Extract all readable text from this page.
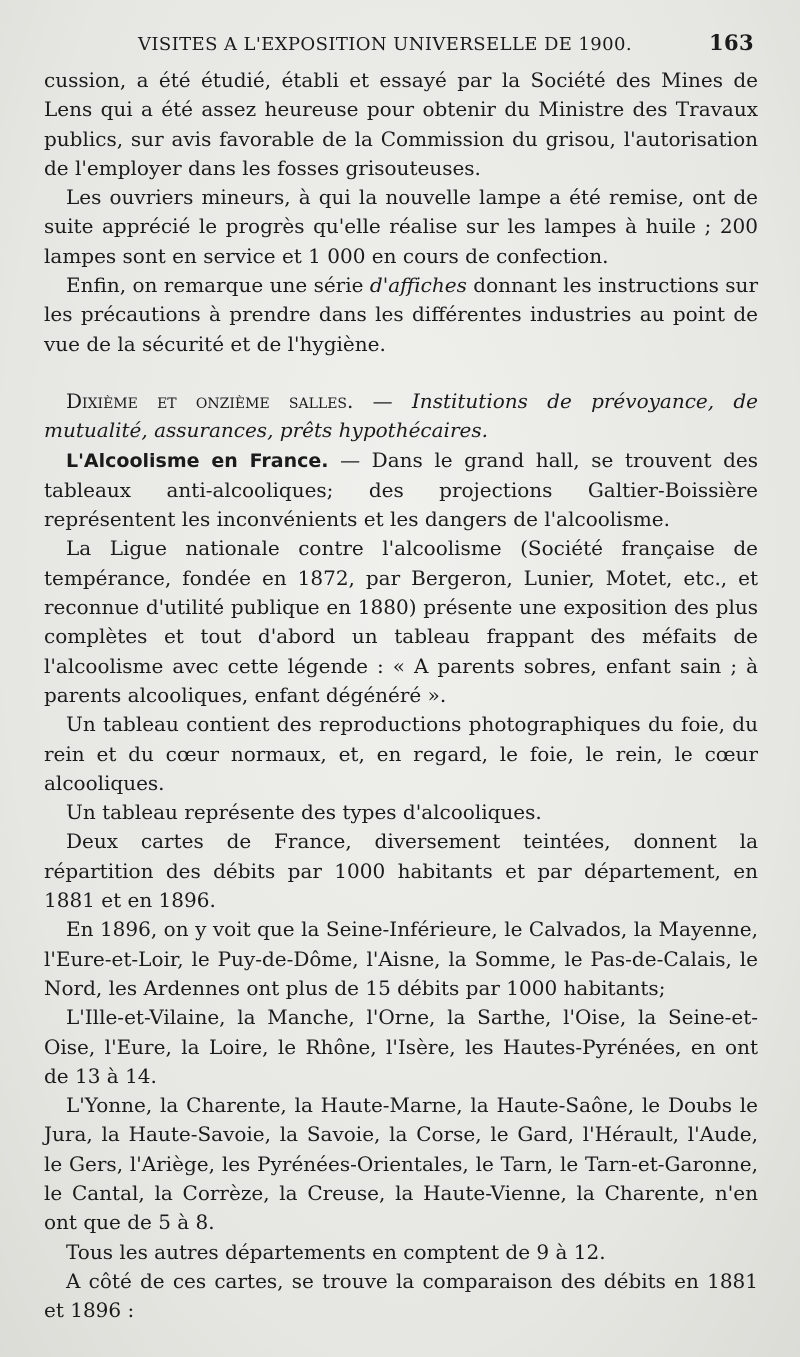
VISITES A L'EXPOSITION UNIVERSELLE DE 1900.	163

cussion, a été étudié, établi et essayé par la Société des Mines de Lens qui a été assez heureuse pour obtenir du Ministre des Travaux publics, sur avis favorable de la Commission du grisou, l'autorisation de l'employer dans les fosses grisouteuses.

Les ouvriers mineurs, à qui la nouvelle lampe a été remise, ont de suite apprécié le progrès qu'elle réalise sur les lampes à huile ; 200 lampes sont en service et 1 000 en cours de confection.

Enfin, on remarque une série d'affiches donnant les instructions sur les précautions à prendre dans les différentes industries au point de vue de la sécurité et de l'hygiène.

Dixième et onzième salles. — Institutions de prévoyance, de mutualité, assurances, prêts hypothécaires.

L'Alcoolisme en France. — Dans le grand hall, se trouvent des tableaux anti-alcooliques; des projections Galtier-Boissière représentent les inconvénients et les dangers de l'alcoolisme.

La Ligue nationale contre l'alcoolisme (Société française de tempérance, fondée en 1872, par Bergeron, Lunier, Motet, etc., et reconnue d'utilité publique en 1880) présente une exposition des plus complètes et tout d'abord un tableau frappant des méfaits de l'alcoolisme avec cette légende : « A parents sobres, enfant sain ; à parents alcooliques, enfant dégénéré ».

Un tableau contient des reproductions photographiques du foie, du rein et du cœur normaux, et, en regard, le foie, le rein, le cœur alcooliques.

Un tableau représente des types d'alcooliques.

Deux cartes de France, diversement teintées, donnent la répartition des débits par 1000 habitants et par département, en 1881 et en 1896.

En 1896, on y voit que la Seine-Inférieure, le Calvados, la Mayenne, l'Eure-et-Loir, le Puy-de-Dôme, l'Aisne, la Somme, le Pas-de-Calais, le Nord, les Ardennes ont plus de 15 débits par 1000 habitants;

L'Ille-et-Vilaine, la Manche, l'Orne, la Sarthe, l'Oise, la Seine-et-Oise, l'Eure, la Loire, le Rhône, l'Isère, les Hautes-Pyrénées, en ont de 13 à 14.

L'Yonne, la Charente, la Haute-Marne, la Haute-Saône, le Doubs le Jura, la Haute-Savoie, la Savoie, la Corse, le Gard, l'Hérault, l'Aude, le Gers, l'Ariège, les Pyrénées-Orientales, le Tarn, le Tarn-et-Garonne, le Cantal, la Corrèze, la Creuse, la Haute-Vienne, la Charente, n'en ont que de 5 à 8.

Tous les autres départements en comptent de 9 à 12.

A côté de ces cartes, se trouve la comparaison des débits en 1881 et 1896 :
